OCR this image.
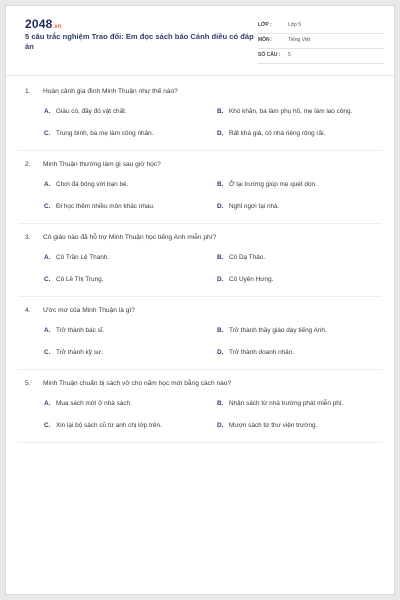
2048.vn
5 câu trắc nghiệm Trao đổi: Em đọc sách báo Cánh diều có đáp án
LỚP :	Lớp 5
MÔN :	Tiếng Việt
SỐ CÂU : 5
1. Hoàn cảnh gia đình Minh Thuận như thế nào?
A. Giàu có, đầy đủ vật chất.	B. Khó khăn, ba làm phụ hồ, mẹ làm lao công.
C. Trung bình, ba mẹ làm công nhân.	D. Rất khá giả, có nhà riêng rộng rãi.
2. Minh Thuận thường làm gì sau giờ học?
A. Chơi đá bóng với bạn bè.	B. Ở lại trường giúp mẹ quét dọn.
C. Đi học thêm nhiều môn khác nhau.	D. Nghỉ ngơi tại nhà.
3. Cô giáo nào đã hỗ trợ Minh Thuận học tiếng Anh miễn phí?
A. Cô Trần Lệ Thanh.	B. Cô Dạ Thảo.
C. Cô Lê Thị Trung.	D. Cô Uyên Hưng.
4. Ước mơ của Minh Thuận là gì?
A. Trở thành bác sĩ.	B. Trở thành thầy giáo dạy tiếng Anh.
C. Trở thành kỹ sư.	D. Trở thành doanh nhân.
5. Minh Thuận chuẩn bị sách vở cho năm học mới bằng cách nào?
A. Mua sách mới ở nhà sách.	B. Nhận sách từ nhà trường phát miễn phí.
C. Xin lại bộ sách cũ từ anh chị lớp trên.	D. Mượn sách từ thư viện trường.
